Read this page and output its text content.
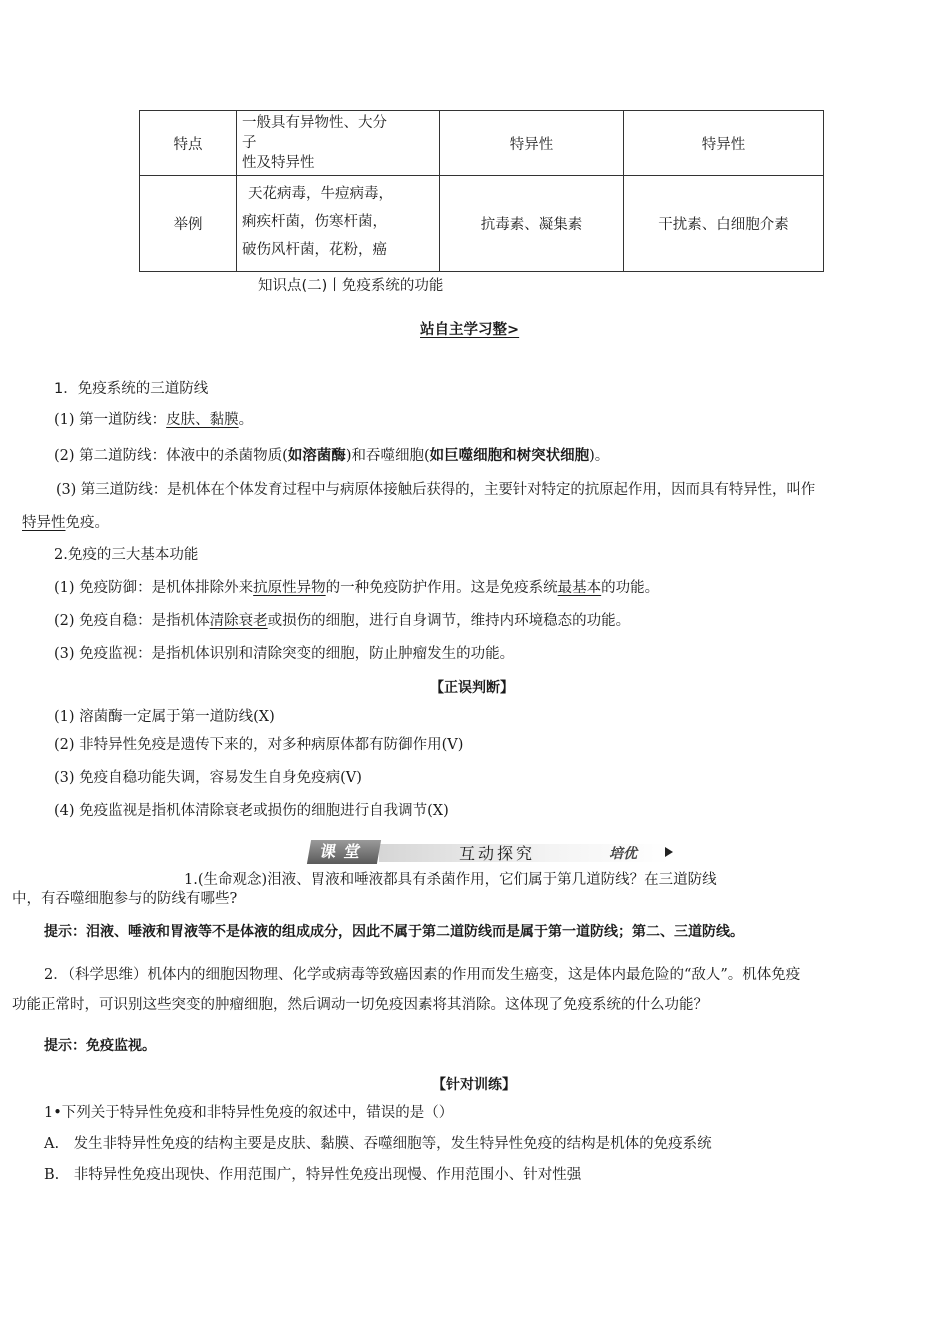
特点	一般具有异物性、大分
子
性及特异性	特异性	特异性
举例	天花病毒，牛痘病毒，
痢疾杆菌，伤寒杆菌，
破伤风杆菌，花粉，癌	抗毒素、凝集素	干扰素、白细胞介素
知识点(二)丨免疫系统的功能
站自主学习整>
1．免疫系统的三道防线
(1) 第一道防线：皮肤、黏膜。
(2) 第二道防线：体液中的杀菌物质(如溶菌酶)和吞噬细胞(如巨噬细胞和树突状细胞)。
(3) 第三道防线：是机体在个体发育过程中与病原体接触后获得的，主要针对特定的抗原起作用，因而具有特异性，叫作
特异性免疫。
2.免疫的三大基本功能
(1) 免疫防御：是机体排除外来抗原性异物的一种免疫防护作用。这是免疫系统最基本的功能。
(2) 免疫自稳：是指机体清除衰老或损伤的细胞，进行自身调节，维持内环境稳态的功能。
(3) 免疫监视：是指机体识别和清除突变的细胞，防止肿瘤发生的功能。
【正误判断】
(1) 溶菌酶一定属于第一道防线(X)
(2) 非特异性免疫是遗传下来的，对多种病原体都有防御作用(V)
(3) 免疫自稳功能失调，容易发生自身免疫病(V)
(4) 免疫监视是指机体清除衰老或损伤的细胞进行自我调节(X)
课堂	互动探究	培优
1.(生命观念)泪液、胃液和唾液都具有杀菌作用，它们属于第几道防线？在三道防线
中，有吞噬细胞参与的防线有哪些?
提示：泪液、唾液和胃液等不是体液的组成成分，因此不属于第二道防线而是属于第一道防线；第二、三道防线。
2．（科学思维）机体内的细胞因物理、化学或病毒等致癌因素的作用而发生癌变，这是体内最危险的“敌人”。机体免疫
功能正常时，可识别这些突变的肿瘤细胞，然后调动一切免疫因素将其消除。这体现了免疫系统的什么功能？
提示：免疫监视。
【针对训练】
1•下列关于特异性免疫和非特异性免疫的叙述中，错误的是（）
A.　发生非特异性免疫的结构主要是皮肤、黏膜、吞噬细胞等，发生特异性免疫的结构是机体的免疫系统
B.　非特异性免疫出现快、作用范围广，特异性免疫出现慢、作用范围小、针对性强
